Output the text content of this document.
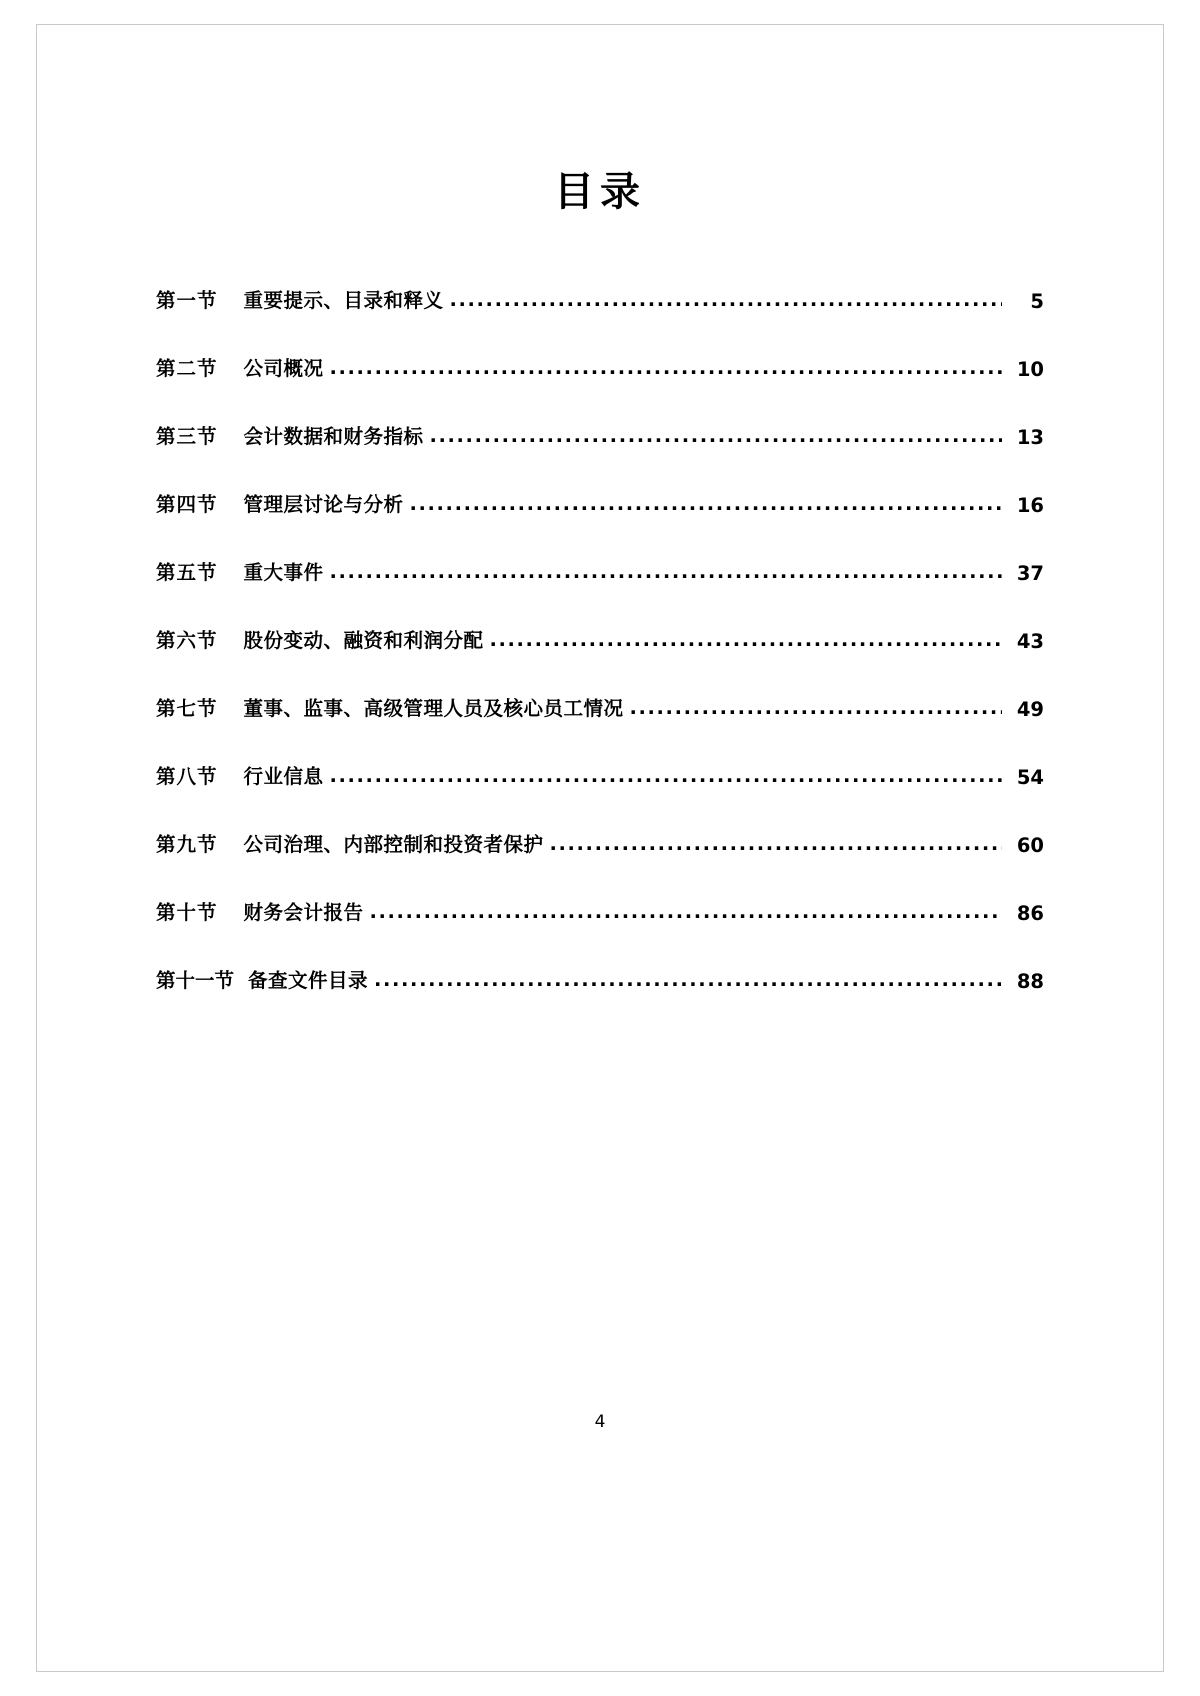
目录
第一节 重要提示、目录和释义 .....	5
第二节 公司概况 .....	10
第三节 会计数据和财务指标 .....	13
第四节 管理层讨论与分析 .....	16
第五节 重大事件 .....	37
第六节 股份变动、融资和利润分配 .....	43
第七节 董事、监事、高级管理人员及核心员工情况 .....	49
第八节 行业信息 .....	54
第九节 公司治理、内部控制和投资者保护 .....	60
第十节 财务会计报告 .....	86
第十一节 备查文件目录 .....	88
4
